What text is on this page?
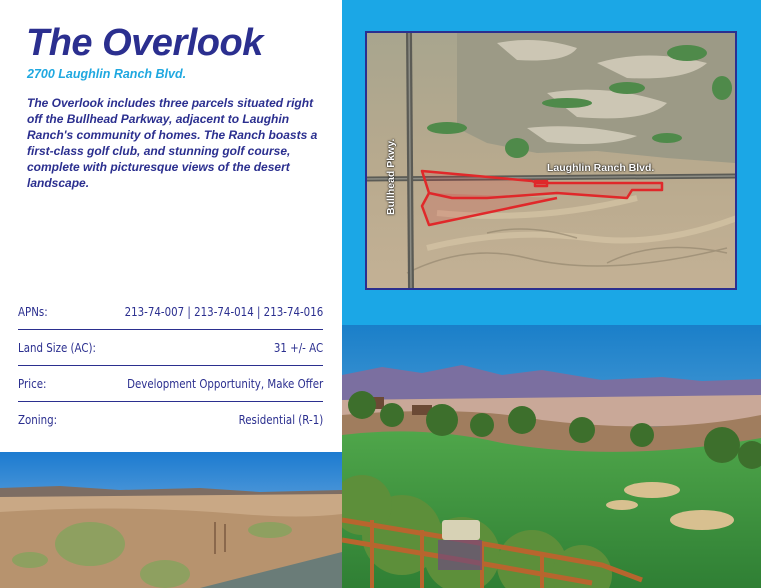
The Overlook
2700 Laughlin Ranch Blvd.

The Overlook includes three parcels situated right off the Bullhead Parkway, adjacent to Laughin Ranch's community of homes. The Ranch boasts a first-class golf club, and stunning golf course, complete with picturesque views of the desert landscape.

APNs:	213-74-007 | 213-74-014 | 213-74-016
Land Size (AC):	31 +/- AC
Price:	Development Opportunity, Make Offer
Zoning:	Residential (R-1)
Laughlin Ranch Blvd.
Bullhead Pkwy.
